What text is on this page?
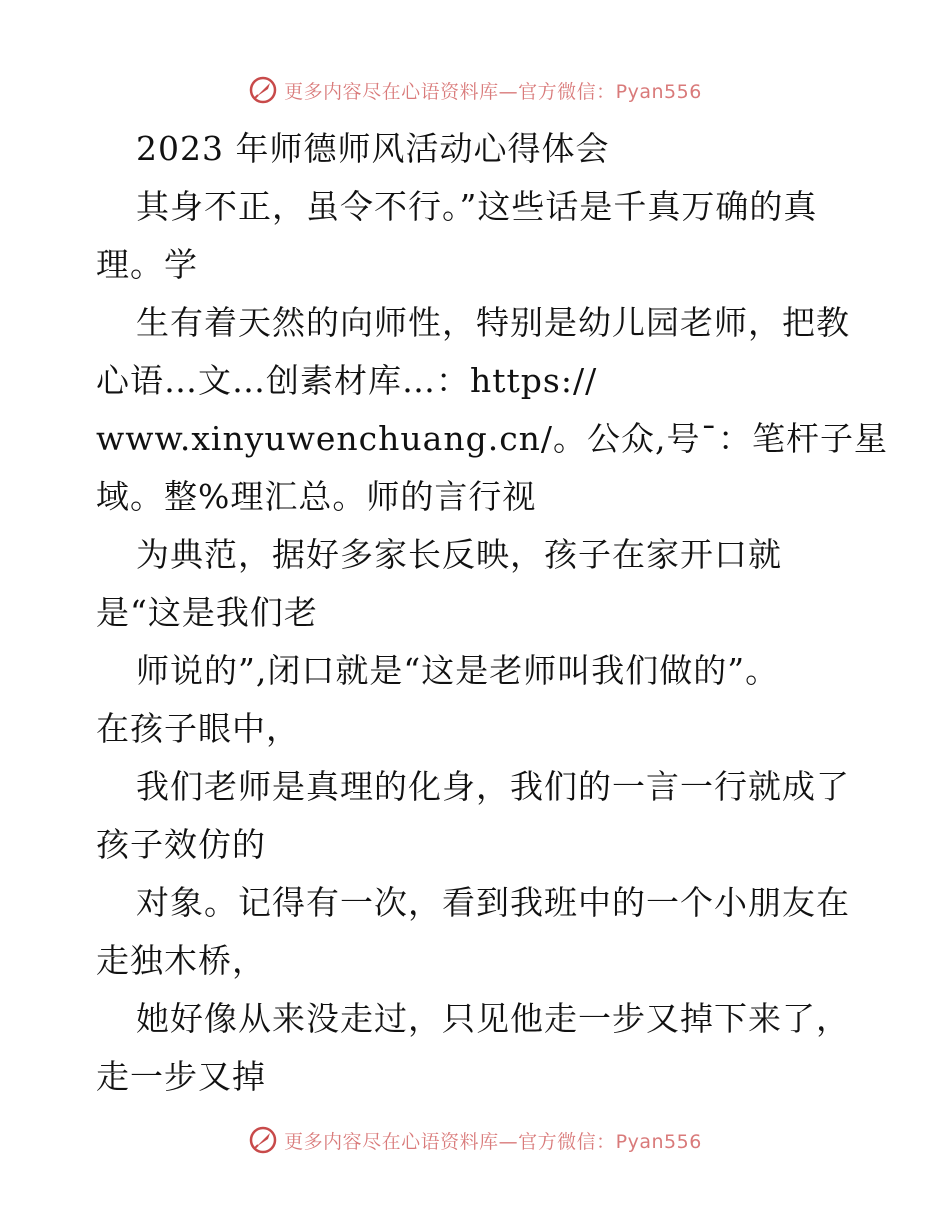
更多内容尽在心语资料库—官方微信：Pyan556
2023 年师德师风活动心得体会
其身不正，虽令不行。”这些话是千真万确的真
理。学
生有着天然的向师性，特别是幼儿园老师，把教
心语…文…创素材库…：https://
www.xinyuwenchuang.cn/。公众,号¯：笔杆子星
域。整%理汇总。师的言行视
为典范，据好多家长反映，孩子在家开口就
是“这是我们老
师说的”,闭口就是“这是老师叫我们做的”。
在孩子眼中，
我们老师是真理的化身，我们的一言一行就成了
孩子效仿的
对象。记得有一次，看到我班中的一个小朋友在
走独木桥，
她好像从来没走过，只见他走一步又掉下来了，
走一步又掉
更多内容尽在心语资料库—官方微信：Pyan556
